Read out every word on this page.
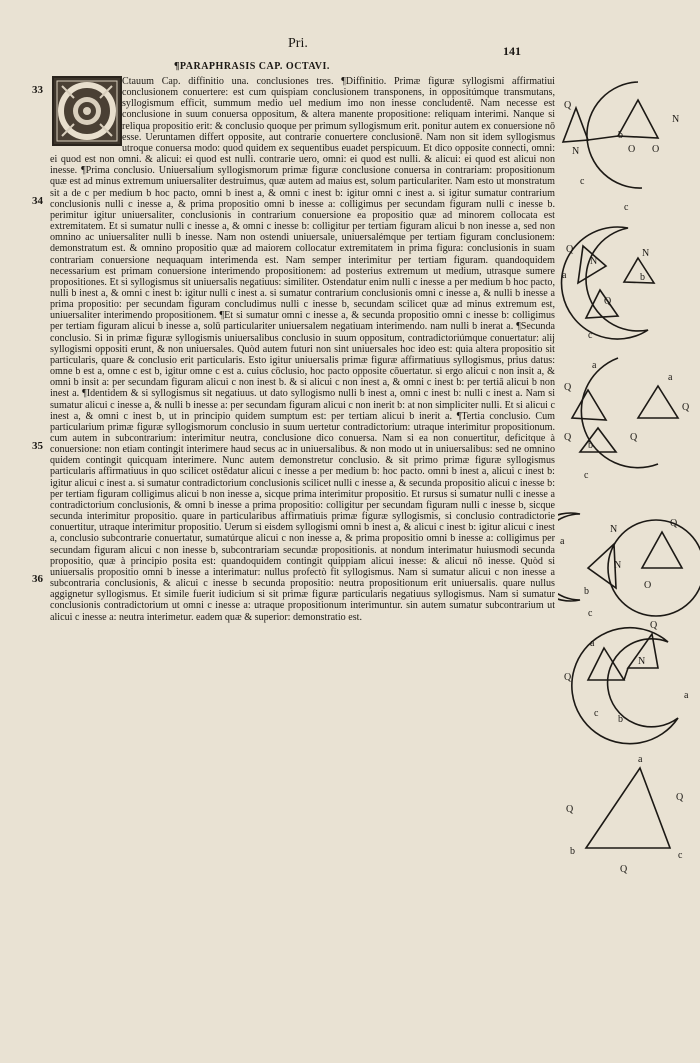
Pri.	141
¶PARAPHRASIS CAP. OCTAVI.
33
34
35
36

Ctauum Cap. diffinitio una. conclusiones tres. ¶Diffinitio. Primæ figuræ syllogismi affirmatiui conclusionem conuertere: est cum quispiam conclusionem transponens, in oppositúmque transmutans, syllogismum efficit, summum medio uel medium imo non inesse concludentē. Nam necesse est conclusione in suum conuersa oppositum, & altera manente propositione: reliquam interimi. Nanque si reliqua propositio erit: & conclusio quoque per primum syllogismum erit. ponitur autem ex conuersione nō esse. Ueruntamen differt opposite, aut contrarie conuertere conclusionē. Nam non sit idem syllogismus utroque conuersa modo: quod quidem ex sequentibus euadet perspicuum. Et dico opposite connecti, omni: ei quod est non omni. & alicui: ei quod est nulli. contrarie uero, omni: ei quod est nulli. & alicui: ei quod est alicui non inesse. ¶Prima conclusio. Uniuersalium syllogismorum primæ figuræ conclusione conuersa in contrariam: propositionum quæ est ad minus extremum uniuersaliter destruimus, quæ autem ad maius est, solum particulariter. Nam esto ut monstratum sit a de c per medium b hoc pacto, omni b inest a, & omni c inest b: igitur omni c inest a. si igitur sumatur contrarium conclusionis nulli c inesse a, & prima propositio omni b inesse a: colligimus per secundam figuram nulli c inesse b. perimitur igitur uniuersaliter, conclusionis in contrarium conuersione ea propositio quæ ad minorem collocata est extremitatem. Et si sumatur nulli c inesse a, & omni c inesse b: colligitur per tertiam figuram alicui b non inesse a, sed non omnino ac uniuersaliter nulli b inesse. Nam non ostendi uniuersale, uniuersalémque per tertiam figuram conclusionem: demonstratum est. & omnino propositio quæ ad maiorem collocatur extremitatem in prima figura: conclusionis in suam contrariam conuersione nequaquam interimenda est. Nam semper interimitur per tertiam figuram. quandoquidem necessarium est primam conuersione interimendo propositionem: ad posterius extremum ut medium, utrasque sumere propositiones. Et si syllogismus sit uniuersalis negatiuus: similiter. Ostendatur enim nulli c inesse a per medium b hoc pacto, nulli b inest a, & omni c inest b: igitur nulli c inest a. si sumatur contrarium conclusionis omni c inesse a, & nulli b inesse a prima propositio: per secundam figuram concludimus nulli c inesse b, secundam scilicet quæ ad minus extremum est, uniuersaliter interimendo propositionem. ¶Et si sumatur omni c inesse a, & secunda propositio omni c inesse b: colligimus per tertiam figuram alicui b inesse a, solū particulariter uniuersalem negatiuam interimendo. nam nulli b inerat a. ¶Secunda conclusio. Si in primæ figuræ syllogismis uniuersalibus conclusio in suum oppositum, contradictoriúmque conuertatur: alij syllogismi oppositi erunt, & non uniuersales. Quòd autem futuri non sint uniuersales hoc ideo est: quia altera propositio sit particularis, quare & conclusio erit particularis. Esto igitur uniuersalis primæ figuræ affirmatiuus syllogismus, prius datus: omne b est a, omne c est b, igitur omne c est a. cuius cōclusio, hoc pacto opposite cōuertatur. si ergo alicui c non insit a, & omni b insit a: per secundam figuram alicui c non inest b. & si alicui c non inest a, & omni c inest b: per tertiā alicui b non inest a. ¶Identidem & si syllogismus sit negatiuus. ut dato syllogismo nulli b inest a, omni c inest b: nulli c inest a. Nam si sumatur alicui c inesse a, & nulli b inesse a: per secundam figuram alicui c non inerit b: at non simpliciter nulli. Et si alicui c inest a, & omni c inest b, ut in principio quidem sumptum est: per tertiam alicui b inerit a. ¶Tertia conclusio. Cum particularium primæ figuræ syllogismorum conclusio in suum uertetur contradictorium: utraque interimitur propositionum. cum autem in subcontrarium: interimitur neutra, conclusione dico conuersa. Nam si ea non conuertitur, deficitque à conuersione: non etiam contingit interimere haud secus ac in uniuersalibus. & non modo ut in uniuersalibus: sed ne omnino quidem contingit quicquam interimere. Nunc autem demonstretur conclusio. & sit primo primæ figuræ syllogismus particularis affirmatiuus in quo scilicet ostēdatur alicui c inesse a per medium b: hoc pacto. omni b inest a, alicui c inest b: igitur alicui c inest a. si sumatur contradictorium conclusionis scilicet nulli c inesse a, & secunda propositio alicui c inesse b: per tertiam figuram colligimus alicui b non inesse a, sicque prima interimitur propositio. Et rursus si sumatur nulli c inesse a contradictorium conclusionis, & omni b inesse a prima propositio: colligitur per secundam figuram nulli c inesse b, sicque secunda interimitur propositio. quare in particularibus affirmatiuis primæ figuræ syllogismis, si conclusio contradictorie conuertitur, utraque interimitur propositio. Uerum si eisdem syllogismi omni b inest a, & alicui c inest b: igitur alicui c inest a, conclusio subcontrarie conuertatur, sumatúrque alicui c non inesse a, & prima propositio omni b inesse a: colligimus per secundam figuram alicui c non inesse b, subcontrariam secundæ propositionis. at nondum interimatur huiusmodi secunda propositio, quæ à principio posita est: quandoquidem contingit quippiam alicui inesse: & alicui nō inesse. Quòd si uniuersalis propositio omni b inesse a interimatur: nullus profectò fit syllogismus. Nam si sumatur alicui c non inesse a subcontraria conclusionis, & alicui c inesse b secunda propositio: neutra propositionum erit uniuersalis. quare nullus aggignetur syllogismus. Et simile fuerit iudicium si sit primæ figuræ particularis negatiuus syllogismus. Nam si sumatur conclusionis contradictorium ut omni c inesse a: utraque propositionum interimuntur. sin autem sumatur subcontrarium ut alicui c inesse a: neutra interimetur. eadem quæ & superior: demonstratio est.

Q
N
N	O O
b
c
c
Q
N
N
a
Q
b
c
Q
a
a
Q
Q	Q
b
c
a
N
Q
N
O
b
c
a
Q
Q
N
a
b
c
a
Q
Q
b	c
Q
